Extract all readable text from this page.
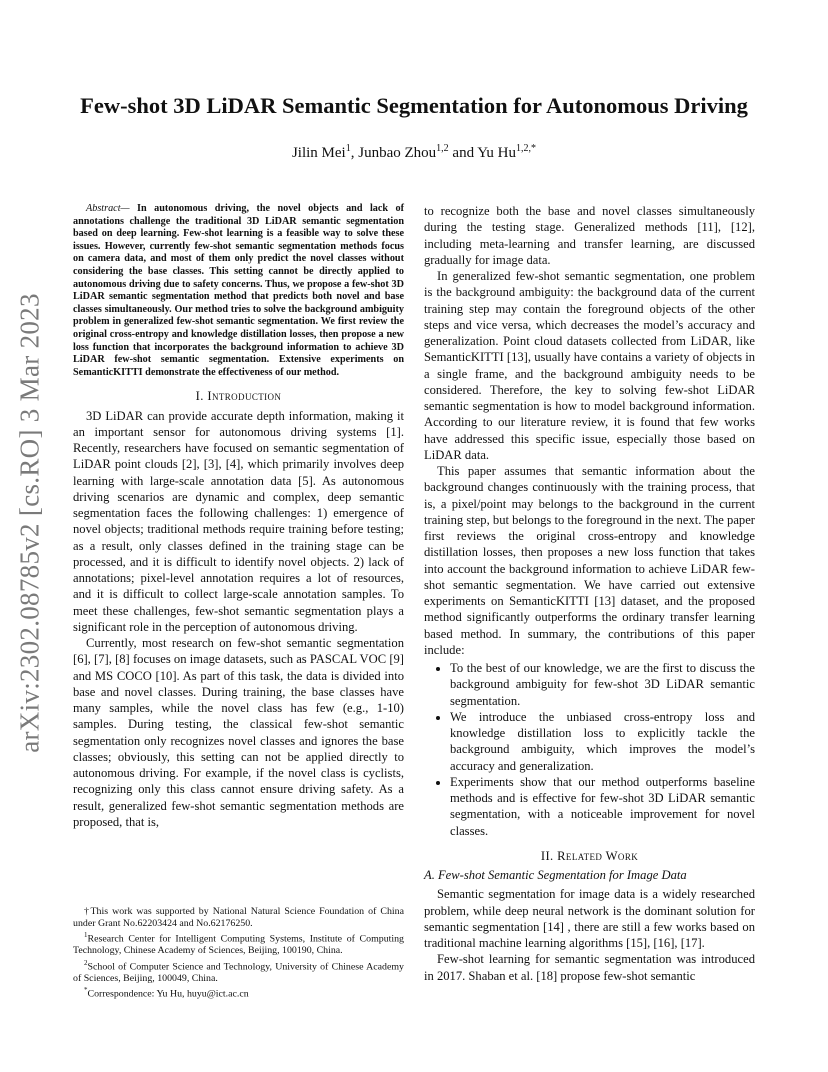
arXiv:2302.08785v2 [cs.RO] 3 Mar 2023
Few-shot 3D LiDAR Semantic Segmentation for Autonomous Driving
Jilin Mei$^1$, Junbao Zhou$^{1,2}$ and Yu $Hu^{1,2,*}$

Abstract— In autonomous driving, the novel objects and lack of annotations challenge the traditional 3D LiDAR semantic segmentation based on deep learning. Few-shot learning is a feasible way to solve these issues. However, currently few-shot semantic segmentation methods focus on camera data, and most of them only predict the novel classes without considering the base classes. This setting cannot be directly applied to autonomous driving due to safety concerns. Thus, we propose a few-shot 3D LiDAR semantic segmentation method that predicts both novel and base classes simultaneously. Our method tries to solve the background ambiguity problem in generalized few-shot semantic segmentation. We first review the original cross-entropy and knowledge distillation losses, then propose a new loss function that incorporates the background information to achieve 3D LiDAR few-shot semantic segmentation. Extensive experiments on SemanticKITTI demonstrate the effectiveness of our method.

I. Introduction

3D LiDAR can provide accurate depth information, making it an important sensor for autonomous driving systems [1]. Recently, researchers have focused on semantic segmentation of LiDAR point clouds [2], [3], [4], which primarily involves deep learning with large-scale annotation data [5]. As autonomous driving scenarios are dynamic and complex, deep semantic segmentation faces the following challenges: 1) emergence of novel objects; traditional methods require training before testing; as a result, only classes defined in the training stage can be processed, and it is difficult to identify novel objects. 2) lack of annotations; pixel-level annotation requires a lot of resources, and it is difficult to collect large-scale annotation samples. To meet these challenges, few-shot semantic segmentation plays a significant role in the perception of autonomous driving.

Currently, most research on few-shot semantic segmentation [6], [7], [8] focuses on image datasets, such as PASCAL VOC [9] and MS COCO [10]. As part of this task, the data is divided into base and novel classes. During training, the base classes have many samples, while the novel class has few (e.g., 1-10) samples. During testing, the classical few-shot semantic segmentation only recognizes novel classes and ignores the base classes; obviously, this setting can not be applied directly to autonomous driving. For example, if the novel class is cyclists, recognizing only this class cannot ensure driving safety. As a result, generalized few-shot semantic segmentation methods are proposed, that is,

†This work was supported by National Natural Science Foundation of China under Grant No.62203424 and No.62176250.

$^1$Research Center for Intelligent Computing Systems, Institute of Computing Technology, Chinese Academy of Sciences, Beijing, 100190, China.

$^2$School of Computer Science and Technology, University of Chinese Academy of Sciences, Beijing, 100049, China.

*Correspondence: Yu Hu, huyu@ict.ac.cn

to recognize both the base and novel classes simultaneously during the testing stage. Generalized methods [11], [12], including meta-learning and transfer learning, are discussed gradually for image data.

In generalized few-shot semantic segmentation, one problem is the background ambiguity: the background data of the current training step may contain the foreground objects of the other steps and vice versa, which decreases the model’s accuracy and generalization. Point cloud datasets collected from LiDAR, like SemanticKITTI [13], usually have contains a variety of objects in a single frame, and the background ambiguity needs to be considered. Therefore, the key to solving few-shot LiDAR semantic segmentation is how to model background information. According to our literature review, it is found that few works have addressed this specific issue, especially those based on LiDAR data.

This paper assumes that semantic information about the background changes continuously with the training process, that is, a pixel/point may belongs to the background in the current training step, but belongs to the foreground in the next. The paper first reviews the original cross-entropy and knowledge distillation losses, then proposes a new loss function that takes into account the background information to achieve LiDAR few-shot semantic segmentation. We have carried out extensive experiments on SemanticKITTI [13] dataset, and the proposed method significantly outperforms the ordinary transfer learning based method. In summary, the contributions of this paper include:

• To the best of our knowledge, we are the first to discuss the background ambiguity for few-shot 3D LiDAR semantic segmentation.
• We introduce the unbiased cross-entropy loss and knowledge distillation loss to explicitly tackle the background ambiguity, which improves the model’s accuracy and generalization.
• Experiments show that our method outperforms baseline methods and is effective for few-shot 3D LiDAR semantic segmentation, with a noticeable improvement for novel classes.
II. Related Work
A. Few-shot Semantic Segmentation for Image Data

Semantic segmentation for image data is a widely researched problem, while deep neural network is the dominant solution for semantic segmentation [14] , there are still a few works based on traditional machine learning algorithms [15], [16], [17].

Few-shot learning for semantic segmentation was introduced in 2017. Shaban et al. [18] propose few-shot semantic
